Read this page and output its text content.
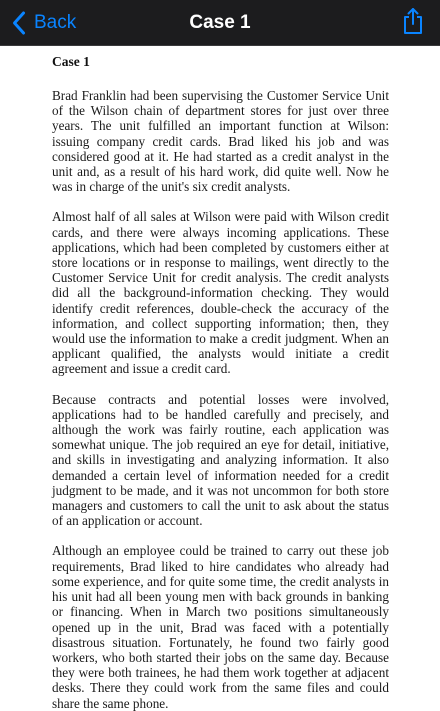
Back	Case 1
Case 1

Brad Franklin had been supervising the Customer Service Unit of the Wilson chain of department stores for just over three years. The unit fulfilled an important function at Wilson: issuing company credit cards. Brad liked his job and was considered good at it. He had started as a credit analyst in the unit and, as a result of his hard work, did quite well. Now he was in charge of the unit's six credit analysts.

Almost half of all sales at Wilson were paid with Wilson credit cards, and there were always incoming applications. These applications, which had been completed by customers either at store locations or in response to mailings, went directly to the Customer Service Unit for credit analysis. The credit analysts did all the background-information checking. They would identify credit references, double-check the accuracy of the information, and collect supporting information; then, they would use the information to make a credit judgment. When an applicant qualified, the analysts would initiate a credit agreement and issue a credit card.

Because contracts and potential losses were involved, applications had to be handled carefully and precisely, and although the work was fairly routine, each application was somewhat unique. The job required an eye for detail, initiative, and skills in investigating and analyzing information. It also demanded a certain level of information needed for a credit judgment to be made, and it was not uncommon for both store managers and customers to call the unit to ask about the status of an application or account.

Although an employee could be trained to carry out these job requirements, Brad liked to hire candidates who already had some experience, and for quite some time, the credit analysts in his unit had all been young men with back grounds in banking or financing. When in March two positions simultaneously opened up in the unit, Brad was faced with a potentially disastrous situation. Fortunately, he found two fairly good workers, who both started their jobs on the same day. Because they were both trainees, he had them work together at adjacent desks. There they could work from the same files and could share the same phone.
